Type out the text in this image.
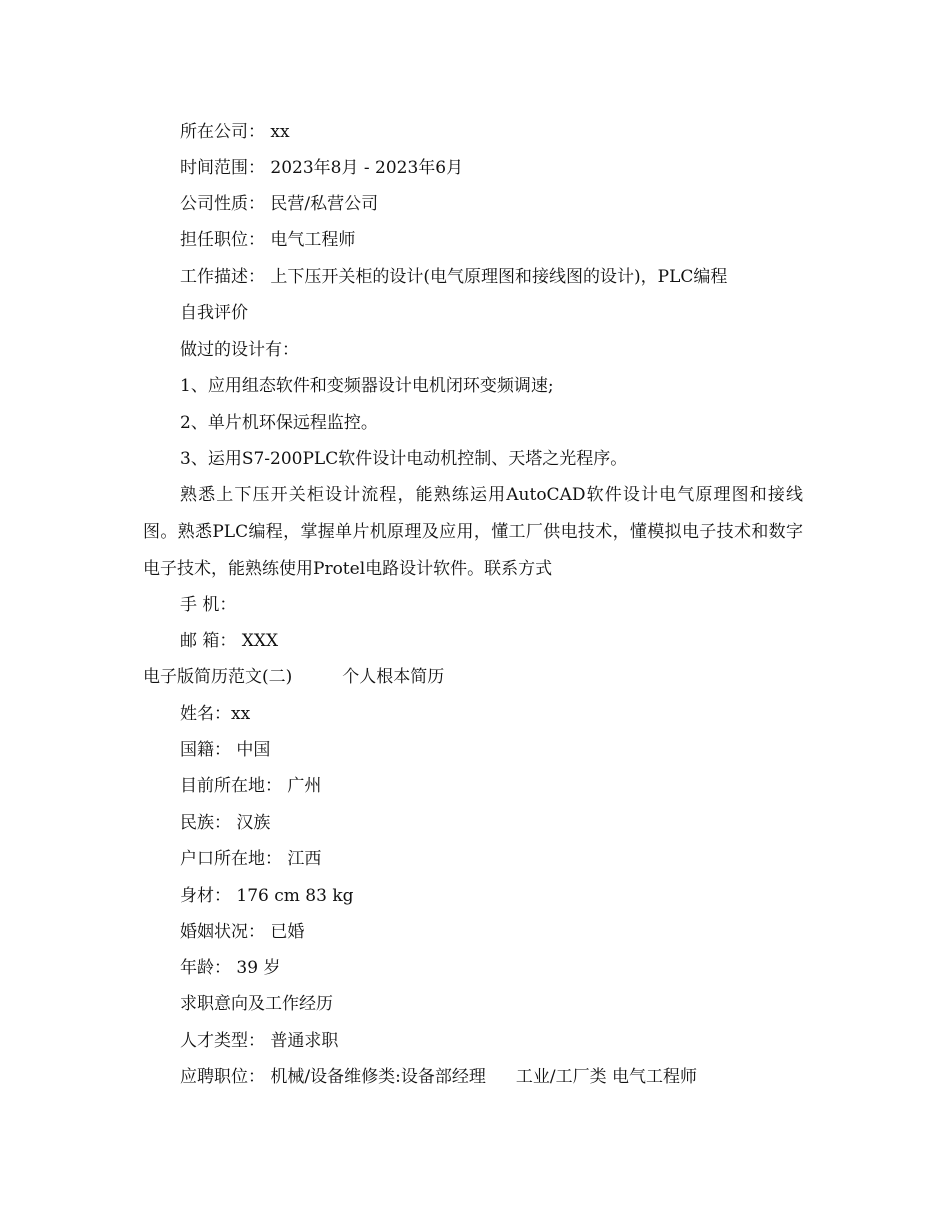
所在公司： xx
时间范围： 2023年8月 - 2023年6月
公司性质： 民营/私营公司
担任职位： 电气工程师
工作描述： 上下压开关柜的设计(电气原理图和接线图的设计)，PLC编程
自我评价
做过的设计有：
1、应用组态软件和变频器设计电机闭环变频调速;
2、单片机环保远程监控。
3、运用S7-200PLC软件设计电动机控制、天塔之光程序。
熟悉上下压开关柜设计流程，能熟练运用AutoCAD软件设计电气原理图和接线图。熟悉PLC编程，掌握单片机原理及应用，懂工厂供电技术，懂模拟电子技术和数字电子技术，能熟练使用Protel电路设计软件。联系方式
手 机：
邮 箱： XXX
电子版简历范文(二)	个人根本简历
姓名：xx
国籍： 中国
目前所在地： 广州
民族： 汉族
户口所在地： 江西
身材： 176 cm 83 kg
婚姻状况： 已婚
年龄： 39 岁
求职意向及工作经历
人才类型： 普通求职
应聘职位： 机械/设备维修类:设备部经理 工业/工厂类 电气工程师
